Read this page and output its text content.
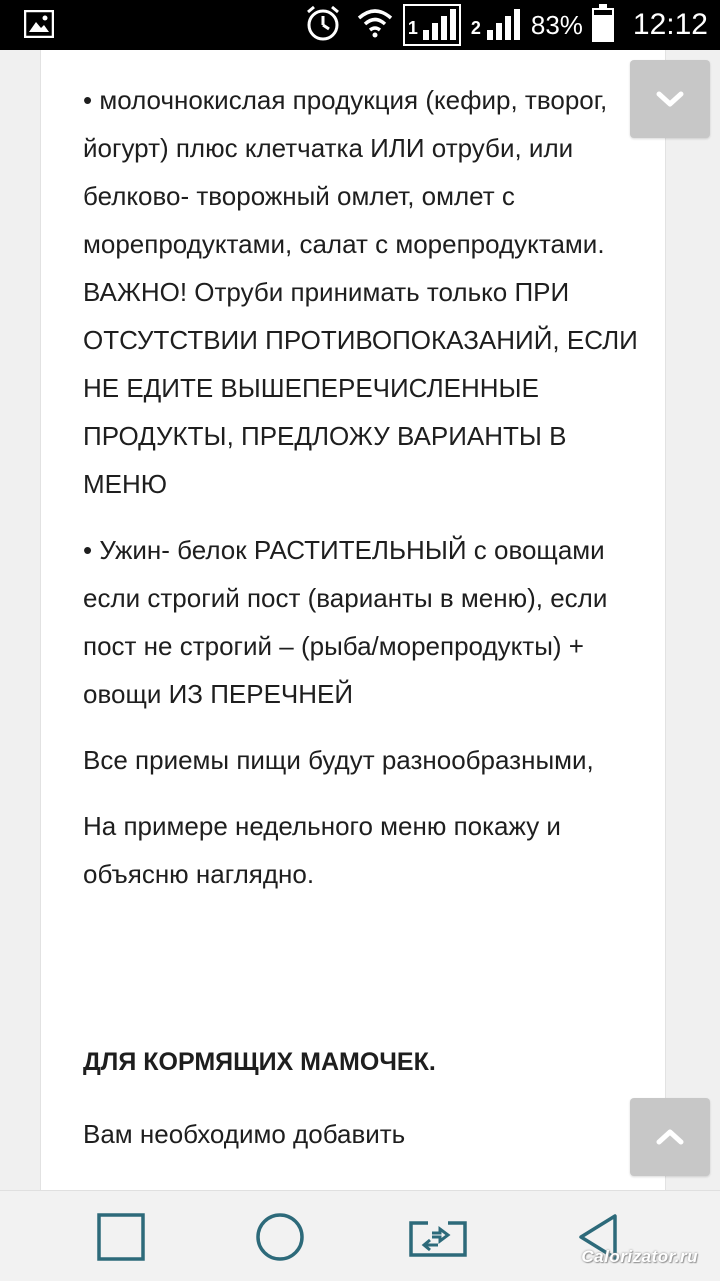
1	2 83% 12:12

• молочнокислая продукция (кефир, творог, йогурт) плюс клетчатка ИЛИ отруби, или белково- творожный омлет, омлет с морепродуктами, салат с морепродуктами. ВАЖНО! Отруби принимать только ПРИ ОТСУТСТВИИ ПРОТИВОПОКАЗАНИЙ, ЕСЛИ НЕ ЕДИТЕ ВЫШЕПЕРЕЧИСЛЕННЫЕ ПРОДУКТЫ, ПРЕДЛОЖУ ВАРИАНТЫ В МЕНЮ

• Ужин- белок РАСТИТЕЛЬНЫЙ с овощами если строгий пост (варианты в меню), если пост не строгий – (рыба/морепродукты) + овощи ИЗ ПЕРЕЧНЕЙ

Все приемы пищи будут разнообразными,

На примере недельного меню покажу и объясню наглядно.

ДЛЯ КОРМЯЩИХ МАМОЧЕК.

Вам необходимо добавить

Calorizator.ru
